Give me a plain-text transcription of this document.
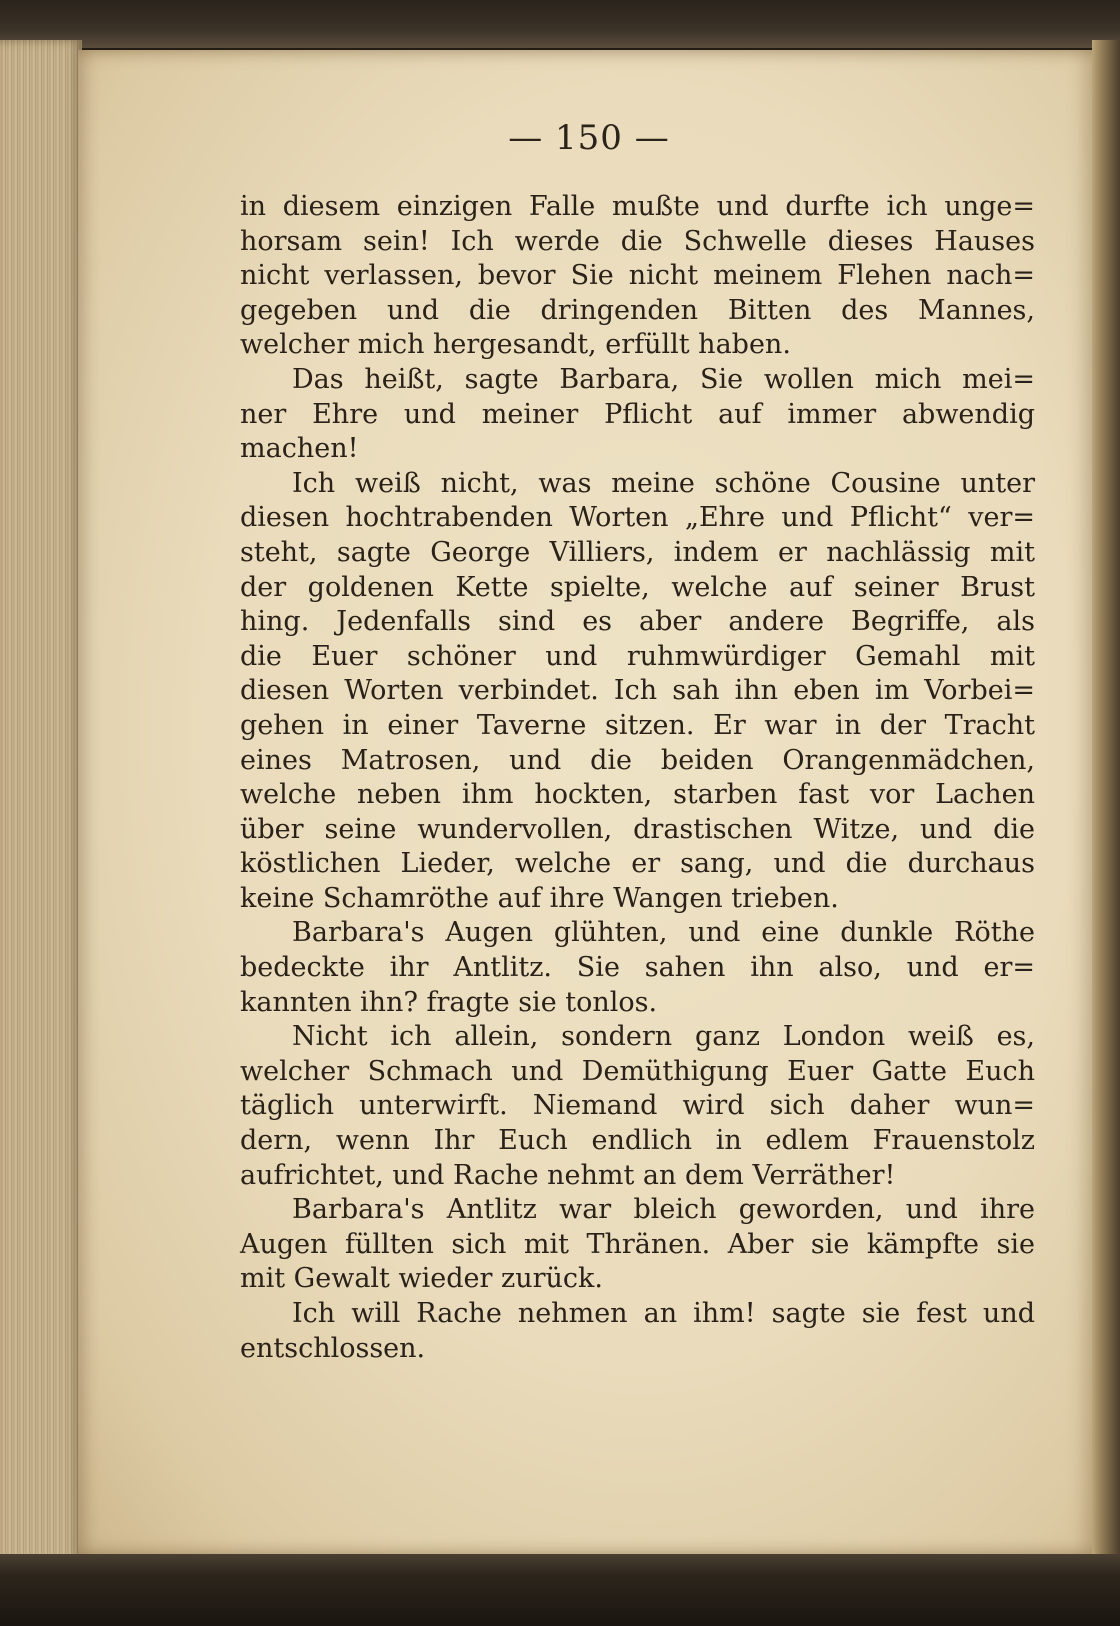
— 150 —
in diesem einzigen Falle mußte und durfte ich unge=
horsam sein! Ich werde die Schwelle dieses Hauses
nicht verlassen, bevor Sie nicht meinem Flehen nach=
gegeben und die dringenden Bitten des Mannes,
welcher mich hergesandt, erfüllt haben.
Das heißt, sagte Barbara, Sie wollen mich mei=
ner Ehre und meiner Pflicht auf immer abwendig
machen!
Ich weiß nicht, was meine schöne Cousine unter
diesen hochtrabenden Worten „Ehre und Pflicht“ ver=
steht, sagte George Villiers, indem er nachlässig mit
der goldenen Kette spielte, welche auf seiner Brust
hing. Jedenfalls sind es aber andere Begriffe, als
die Euer schöner und ruhmwürdiger Gemahl mit
diesen Worten verbindet. Ich sah ihn eben im Vorbei=
gehen in einer Taverne sitzen. Er war in der Tracht
eines Matrosen, und die beiden Orangenmädchen,
welche neben ihm hockten, starben fast vor Lachen
über seine wundervollen, drastischen Witze, und die
köstlichen Lieder, welche er sang, und die durchaus
keine Schamröthe auf ihre Wangen trieben.
Barbara's Augen glühten, und eine dunkle Röthe
bedeckte ihr Antlitz. Sie sahen ihn also, und er=
kannten ihn? fragte sie tonlos.
Nicht ich allein, sondern ganz London weiß es,
welcher Schmach und Demüthigung Euer Gatte Euch
täglich unterwirft. Niemand wird sich daher wun=
dern, wenn Ihr Euch endlich in edlem Frauenstolz
aufrichtet, und Rache nehmt an dem Verräther!
Barbara's Antlitz war bleich geworden, und ihre
Augen füllten sich mit Thränen. Aber sie kämpfte sie
mit Gewalt wieder zurück.
Ich will Rache nehmen an ihm! sagte sie fest und
entschlossen.
